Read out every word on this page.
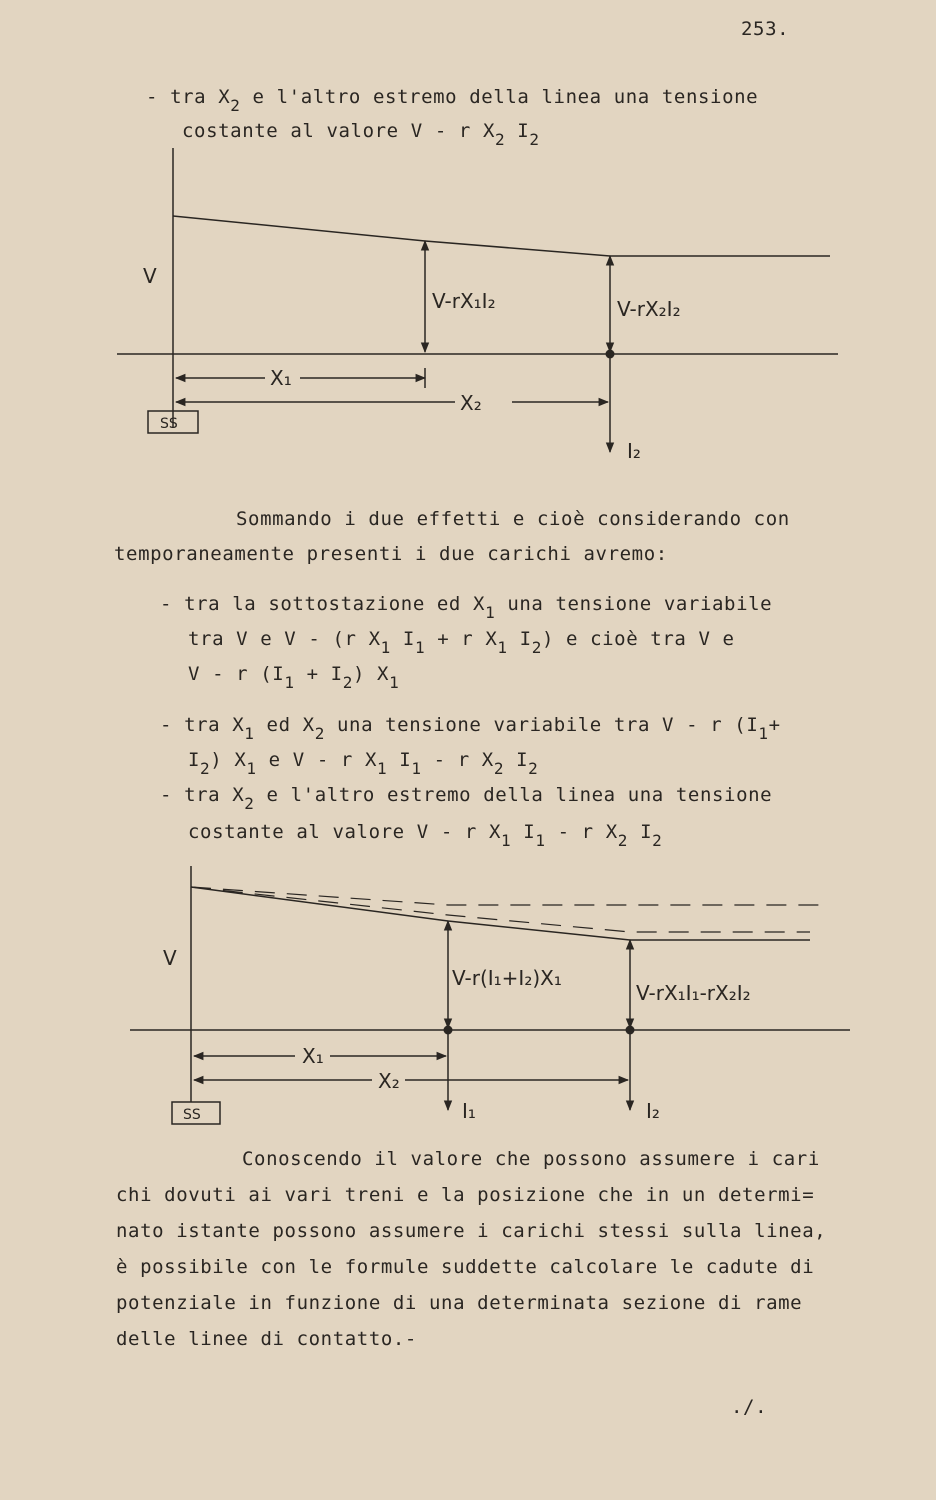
253.
- tra $X_2$ e l'altro estremo della linea una tensione
costante al valore V - r $X_2$ $I_2$
V
V-rX₁I₂	V-rX₂I₂
X₁
X₂
SS
I₂
Sommando i due effetti e cioè considerando con
temporaneamente presenti i due carichi avremo:
- tra la sottostazione ed $X_1$ una tensione variabile
tra V e V - (r $X_1$ $I_1 + r$ $X_1$ $I_2$) e cioè tra V e
V - r $(I_1 + I_2)$ $X_1$
- tra $X_1$ ed $X_2$ una tensione variabile tra V - r ($I_1+$
$I_2$) $X_1$ e V - r $X_1$ $I_1$ - r $X_2$ $I_2$
- tra $X_2$ e l'altro estremo della linea una tensione
costante al valore V - r $X_1$ $I_1$ - r $X_2$ $I_2$
V
V-r(I₁+I₂)X₁
V-rX₁I₁-rX₂I₂
X₁
X₂
SS	I₁	I₂
Conoscendo il valore che possono assumere i cari
chi dovuti ai vari treni e la posizione che in un determi=
nato istante possono assumere i carichi stessi sulla linea,
è possibile con le formule suddette calcolare le cadute di
potenziale in funzione di una determinata sezione di rame
delle linee di contatto.-
./.
